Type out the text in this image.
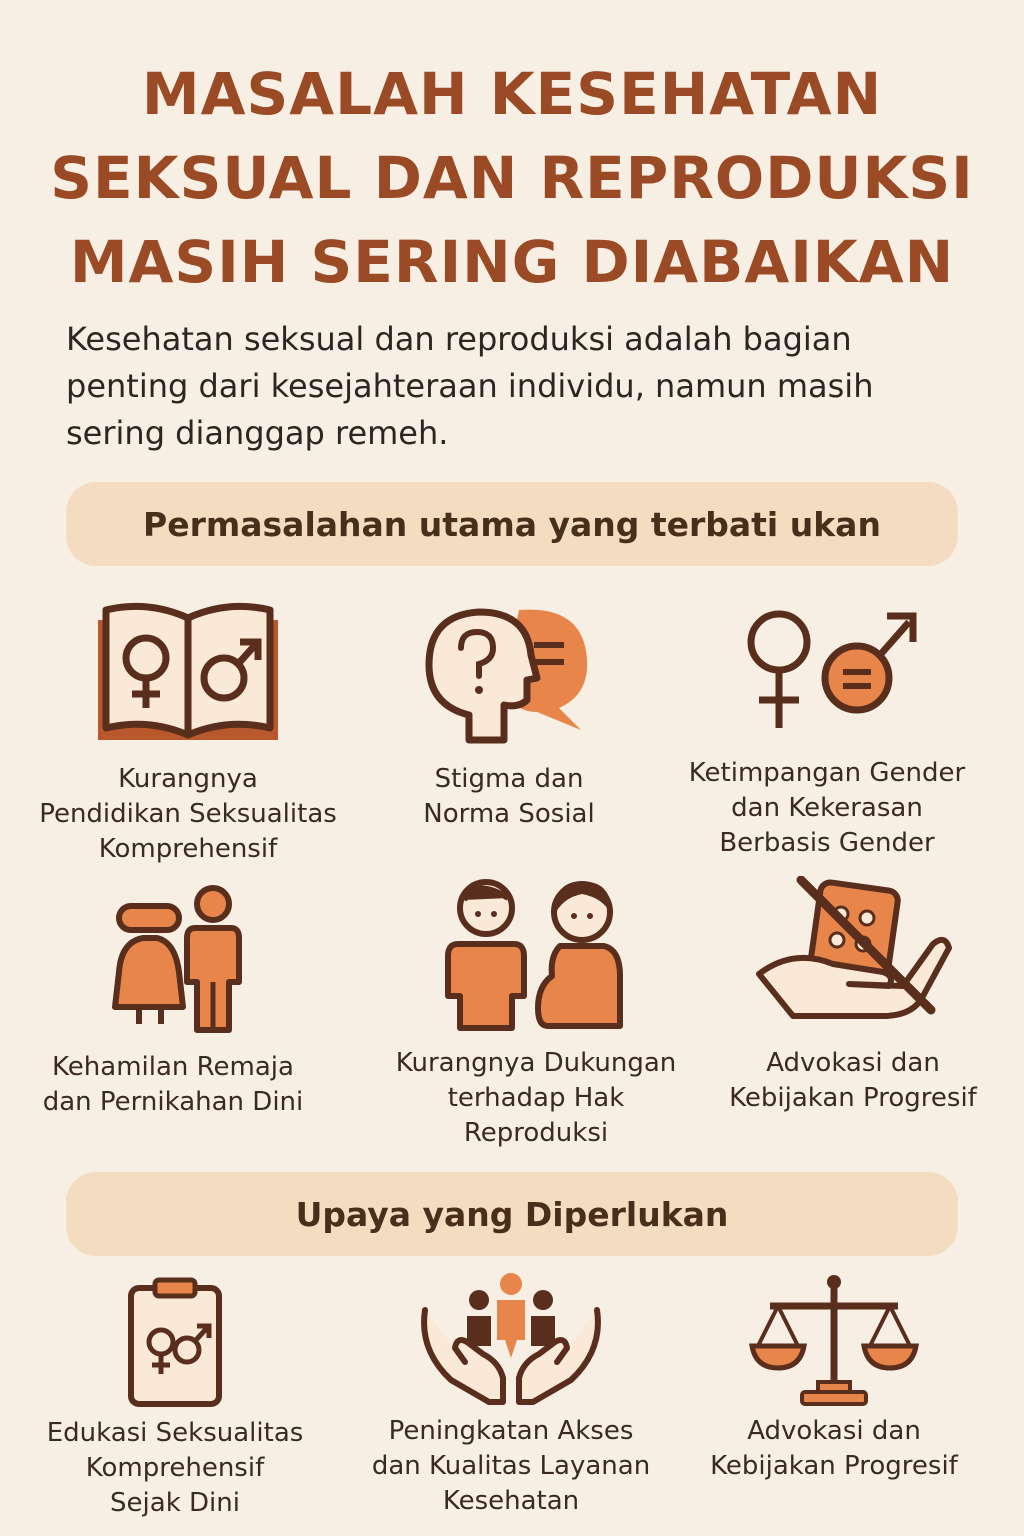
MASALAH KESEHATAN
SEKSUAL DAN REPRODUKSI
MASIH SERING DIABAIKAN
Kesehatan seksual dan reproduksi adalah bagian penting dari kesejahteraan individu, namun masih sering dianggap remeh.
Permasalahan utama yang terbati ukan
Kurangnya
Pendidikan Seksualitas
Komprehensif
Stigma dan
Norma Sosial
Ketimpangan Gender
dan Kekerasan
Berbasis Gender
Kehamilan Remaja
dan Pernikahan Dini
Kurangnya Dukungan
terhadap Hak
Reproduksi
Advokasi dan
Kebijakan Progresif
Upaya yang Diperlukan
Edukasi Seksualitas
Komprehensif
Sejak Dini
Peningkatan Akses
dan Kualitas Layanan
Kesehatan
Advokasi dan
Kebijakan Progresif
